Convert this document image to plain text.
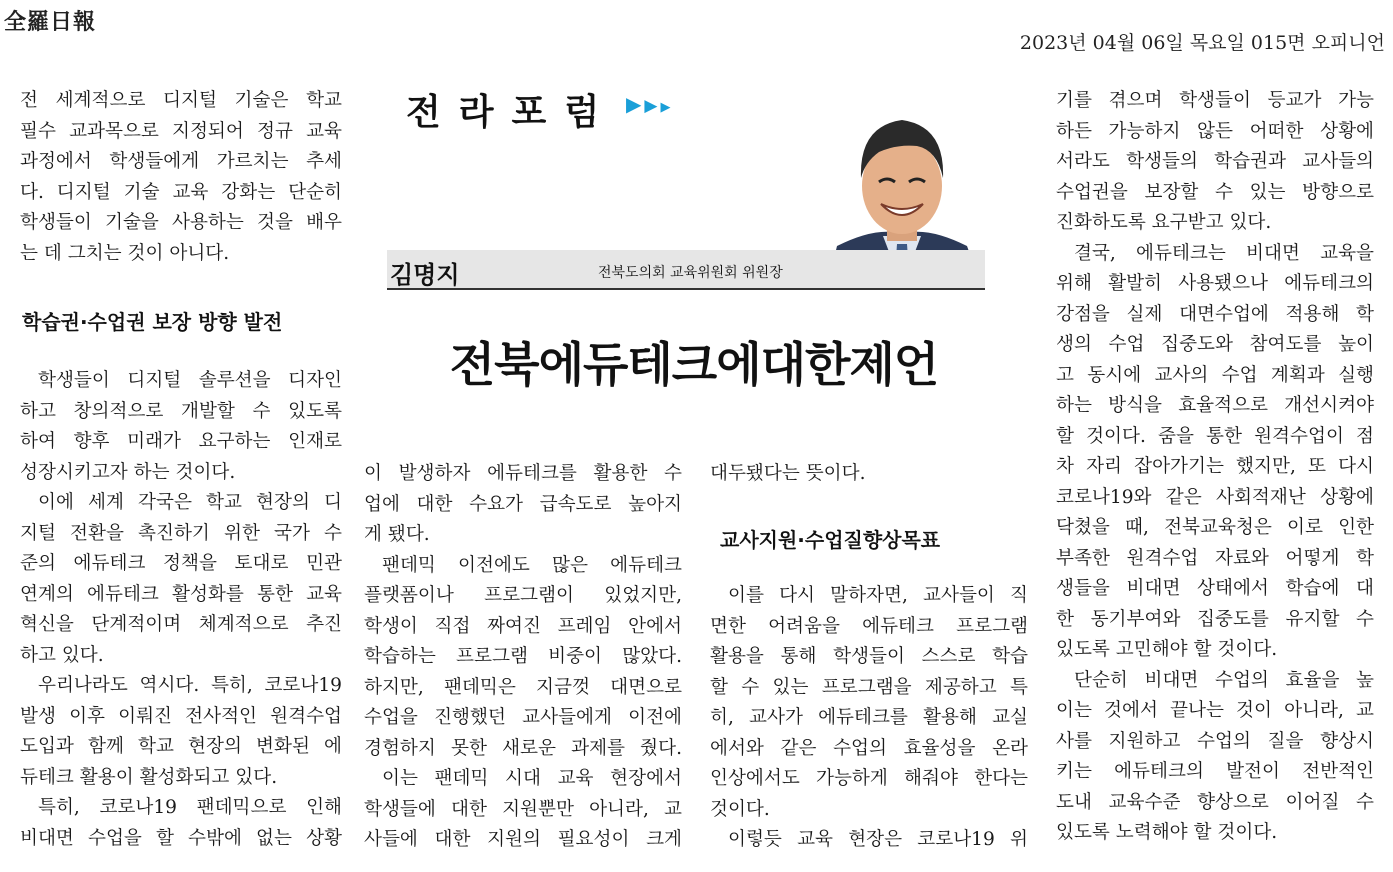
全羅日報
2023년 04월 06일 목요일 015면 오피니언
전 세계적으로 디지털 기술은 학교
필수 교과목으로 지정되어 정규 교육
과정에서 학생들에게 가르치는 추세
다. 디지털 기술 교육 강화는 단순히
학생들이 기술을 사용하는 것을 배우
는 데 그치는 것이 아니다.
학습권·수업권 보장 방향 발전
학생들이 디지털 솔루션을 디자인
하고 창의적으로 개발할 수 있도록
하여 향후 미래가 요구하는 인재로
성장시키고자 하는 것이다.
이에 세계 각국은 학교 현장의 디
지털 전환을 촉진하기 위한 국가 수
준의 에듀테크 정책을 토대로 민관
연계의 에듀테크 활성화를 통한 교육
혁신을 단계적이며 체계적으로 추진
하고 있다.
우리나라도 역시다. 특히, 코로나19
발생 이후 이뤄진 전사적인 원격수업
도입과 함께 학교 현장의 변화된 에
듀테크 활용이 활성화되고 있다.
특히, 코로나19 팬데믹으로 인해
비대면 수업을 할 수밖에 없는 상황
전라포럼 ▶▶▶
김명지	전북도의회 교육위원회 위원장
전북에듀테크에대한제언
이 발생하자 에듀테크를 활용한 수
업에 대한 수요가 급속도로 높아지
게 됐다.
팬데믹 이전에도 많은 에듀테크
플랫폼이나 프로그램이 있었지만,
학생이 직접 짜여진 프레임 안에서
학습하는 프로그램 비중이 많았다.
하지만, 팬데믹은 지금껏 대면으로
수업을 진행했던 교사들에게 이전에
경험하지 못한 새로운 과제를 줬다.
이는 팬데믹 시대 교육 현장에서
학생들에 대한 지원뿐만 아니라, 교
사들에 대한 지원의 필요성이 크게
대두됐다는 뜻이다.
교사지원·수업질향상목표
이를 다시 말하자면, 교사들이 직
면한 어려움을 에듀테크 프로그램
활용을 통해 학생들이 스스로 학습
할 수 있는 프로그램을 제공하고 특
히, 교사가 에듀테크를 활용해 교실
에서와 같은 수업의 효율성을 온라
인상에서도 가능하게 해줘야 한다는
것이다.
이렇듯 교육 현장은 코로나19 위
기를 겪으며 학생들이 등교가 가능
하든 가능하지 않든 어떠한 상황에
서라도 학생들의 학습권과 교사들의
수업권을 보장할 수 있는 방향으로
진화하도록 요구받고 있다.
결국, 에듀테크는 비대면 교육을
위해 활발히 사용됐으나 에듀테크의
강점을 실제 대면수업에 적용해 학
생의 수업 집중도와 참여도를 높이
고 동시에 교사의 수업 계획과 실행
하는 방식을 효율적으로 개선시켜야
할 것이다. 줌을 통한 원격수업이 점
차 자리 잡아가기는 했지만, 또 다시
코로나19와 같은 사회적재난 상황에
닥쳤을 때, 전북교육청은 이로 인한
부족한 원격수업 자료와 어떻게 학
생들을 비대면 상태에서 학습에 대
한 동기부여와 집중도를 유지할 수
있도록 고민해야 할 것이다.
단순히 비대면 수업의 효율을 높
이는 것에서 끝나는 것이 아니라, 교
사를 지원하고 수업의 질을 향상시
키는 에듀테크의 발전이 전반적인
도내 교육수준 향상으로 이어질 수
있도록 노력해야 할 것이다.
